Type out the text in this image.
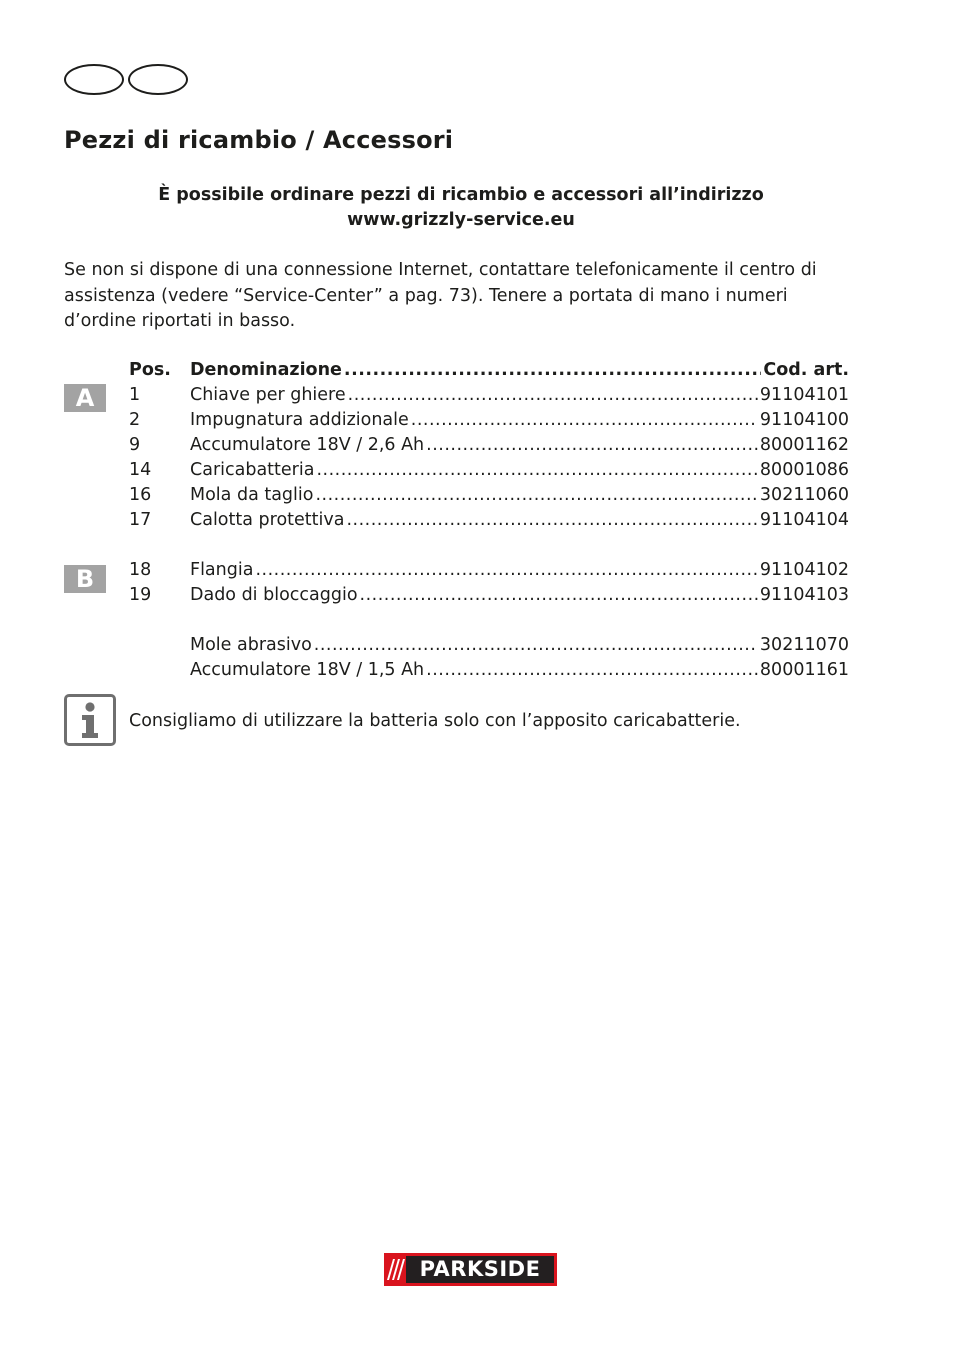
Pezzi di ricambio / Accessori
È possibile ordinare pezzi di ricambio e accessori all’indirizzo
www.grizzly-service.eu

Se non si dispone di una connessione Internet, contattare telefonicamente il centro di assistenza (vedere “Service-Center” a pag. 73). Tenere a portata di mano i numeri d’ordine riportati in basso.

A
B
Pos. Denominazione .....	Cod. art.
1	Chiave per ghiere .....	91104101
2	Impugnatura addizionale .....	91104100
9	Accumulatore 18V / 2,6 Ah .....	80001162
14 Caricabatteria .....	80001086
16 Mola da taglio .....	30211060
17 Calotta protettiva .....	91104104
18 Flangia .....	91104102
19 Dado di bloccaggio .....	91104103
Mole abrasivo .....	30211070
Accumulatore 18V / 1,5 Ah .....	80001161
Consigliamo di utilizzare la batteria solo con l’apposito caricabatterie.
PARKSIDE
